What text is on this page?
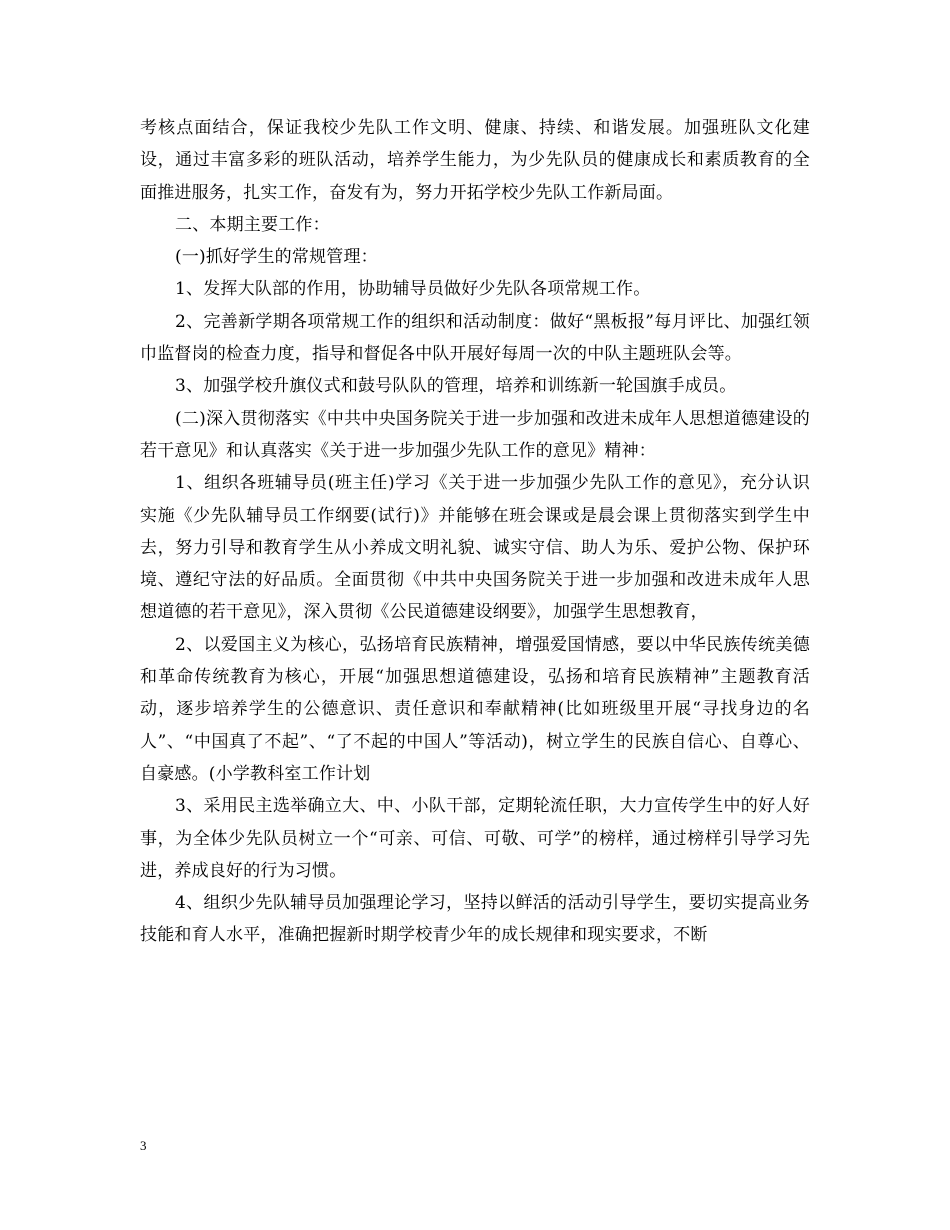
考核点面结合，保证我校少先队工作文明、健康、持续、和谐发展。加强班队文化建设，通过丰富多彩的班队活动，培养学生能力，为少先队员的健康成长和素质教育的全面推进服务，扎实工作，奋发有为，努力开拓学校少先队工作新局面。

二、本期主要工作：

(一)抓好学生的常规管理：

1、发挥大队部的作用，协助辅导员做好少先队各项常规工作。

2、完善新学期各项常规工作的组织和活动制度：做好“黑板报”每月评比、加强红领巾监督岗的检查力度，指导和督促各中队开展好每周一次的中队主题班队会等。

3、加强学校升旗仪式和鼓号队队的管理，培养和训练新一轮国旗手成员。

(二)深入贯彻落实《中共中央国务院关于进一步加强和改进未成年人思想道德建设的若干意见》和认真落实《关于进一步加强少先队工作的意见》精神：

1、组织各班辅导员(班主任)学习《关于进一步加强少先队工作的意见》，充分认识实施《少先队辅导员工作纲要(试行)》并能够在班会课或是晨会课上贯彻落实到学生中去，努力引导和教育学生从小养成文明礼貌、诚实守信、助人为乐、爱护公物、保护环境、遵纪守法的好品质。全面贯彻《中共中央国务院关于进一步加强和改进未成年人思想道德的若干意见》，深入贯彻《公民道德建设纲要》，加强学生思想教育，

2、以爱国主义为核心，弘扬培育民族精神，增强爱国情感，要以中华民族传统美德和革命传统教育为核心，开展“加强思想道德建设，弘扬和培育民族精神”主题教育活动，逐步培养学生的公德意识、责任意识和奉献精神(比如班级里开展“寻找身边的名人”、“中国真了不起”、“了不起的中国人”等活动)，树立学生的民族自信心、自尊心、自豪感。(小学教科室工作计划

3、采用民主选举确立大、中、小队干部，定期轮流任职，大力宣传学生中的好人好事，为全体少先队员树立一个“可亲、可信、可敬、可学”的榜样，通过榜样引导学习先进，养成良好的行为习惯。

4、组织少先队辅导员加强理论学习，坚持以鲜活的活动引导学生，要切实提高业务技能和育人水平，准确把握新时期学校青少年的成长规律和现实要求，不断

3
